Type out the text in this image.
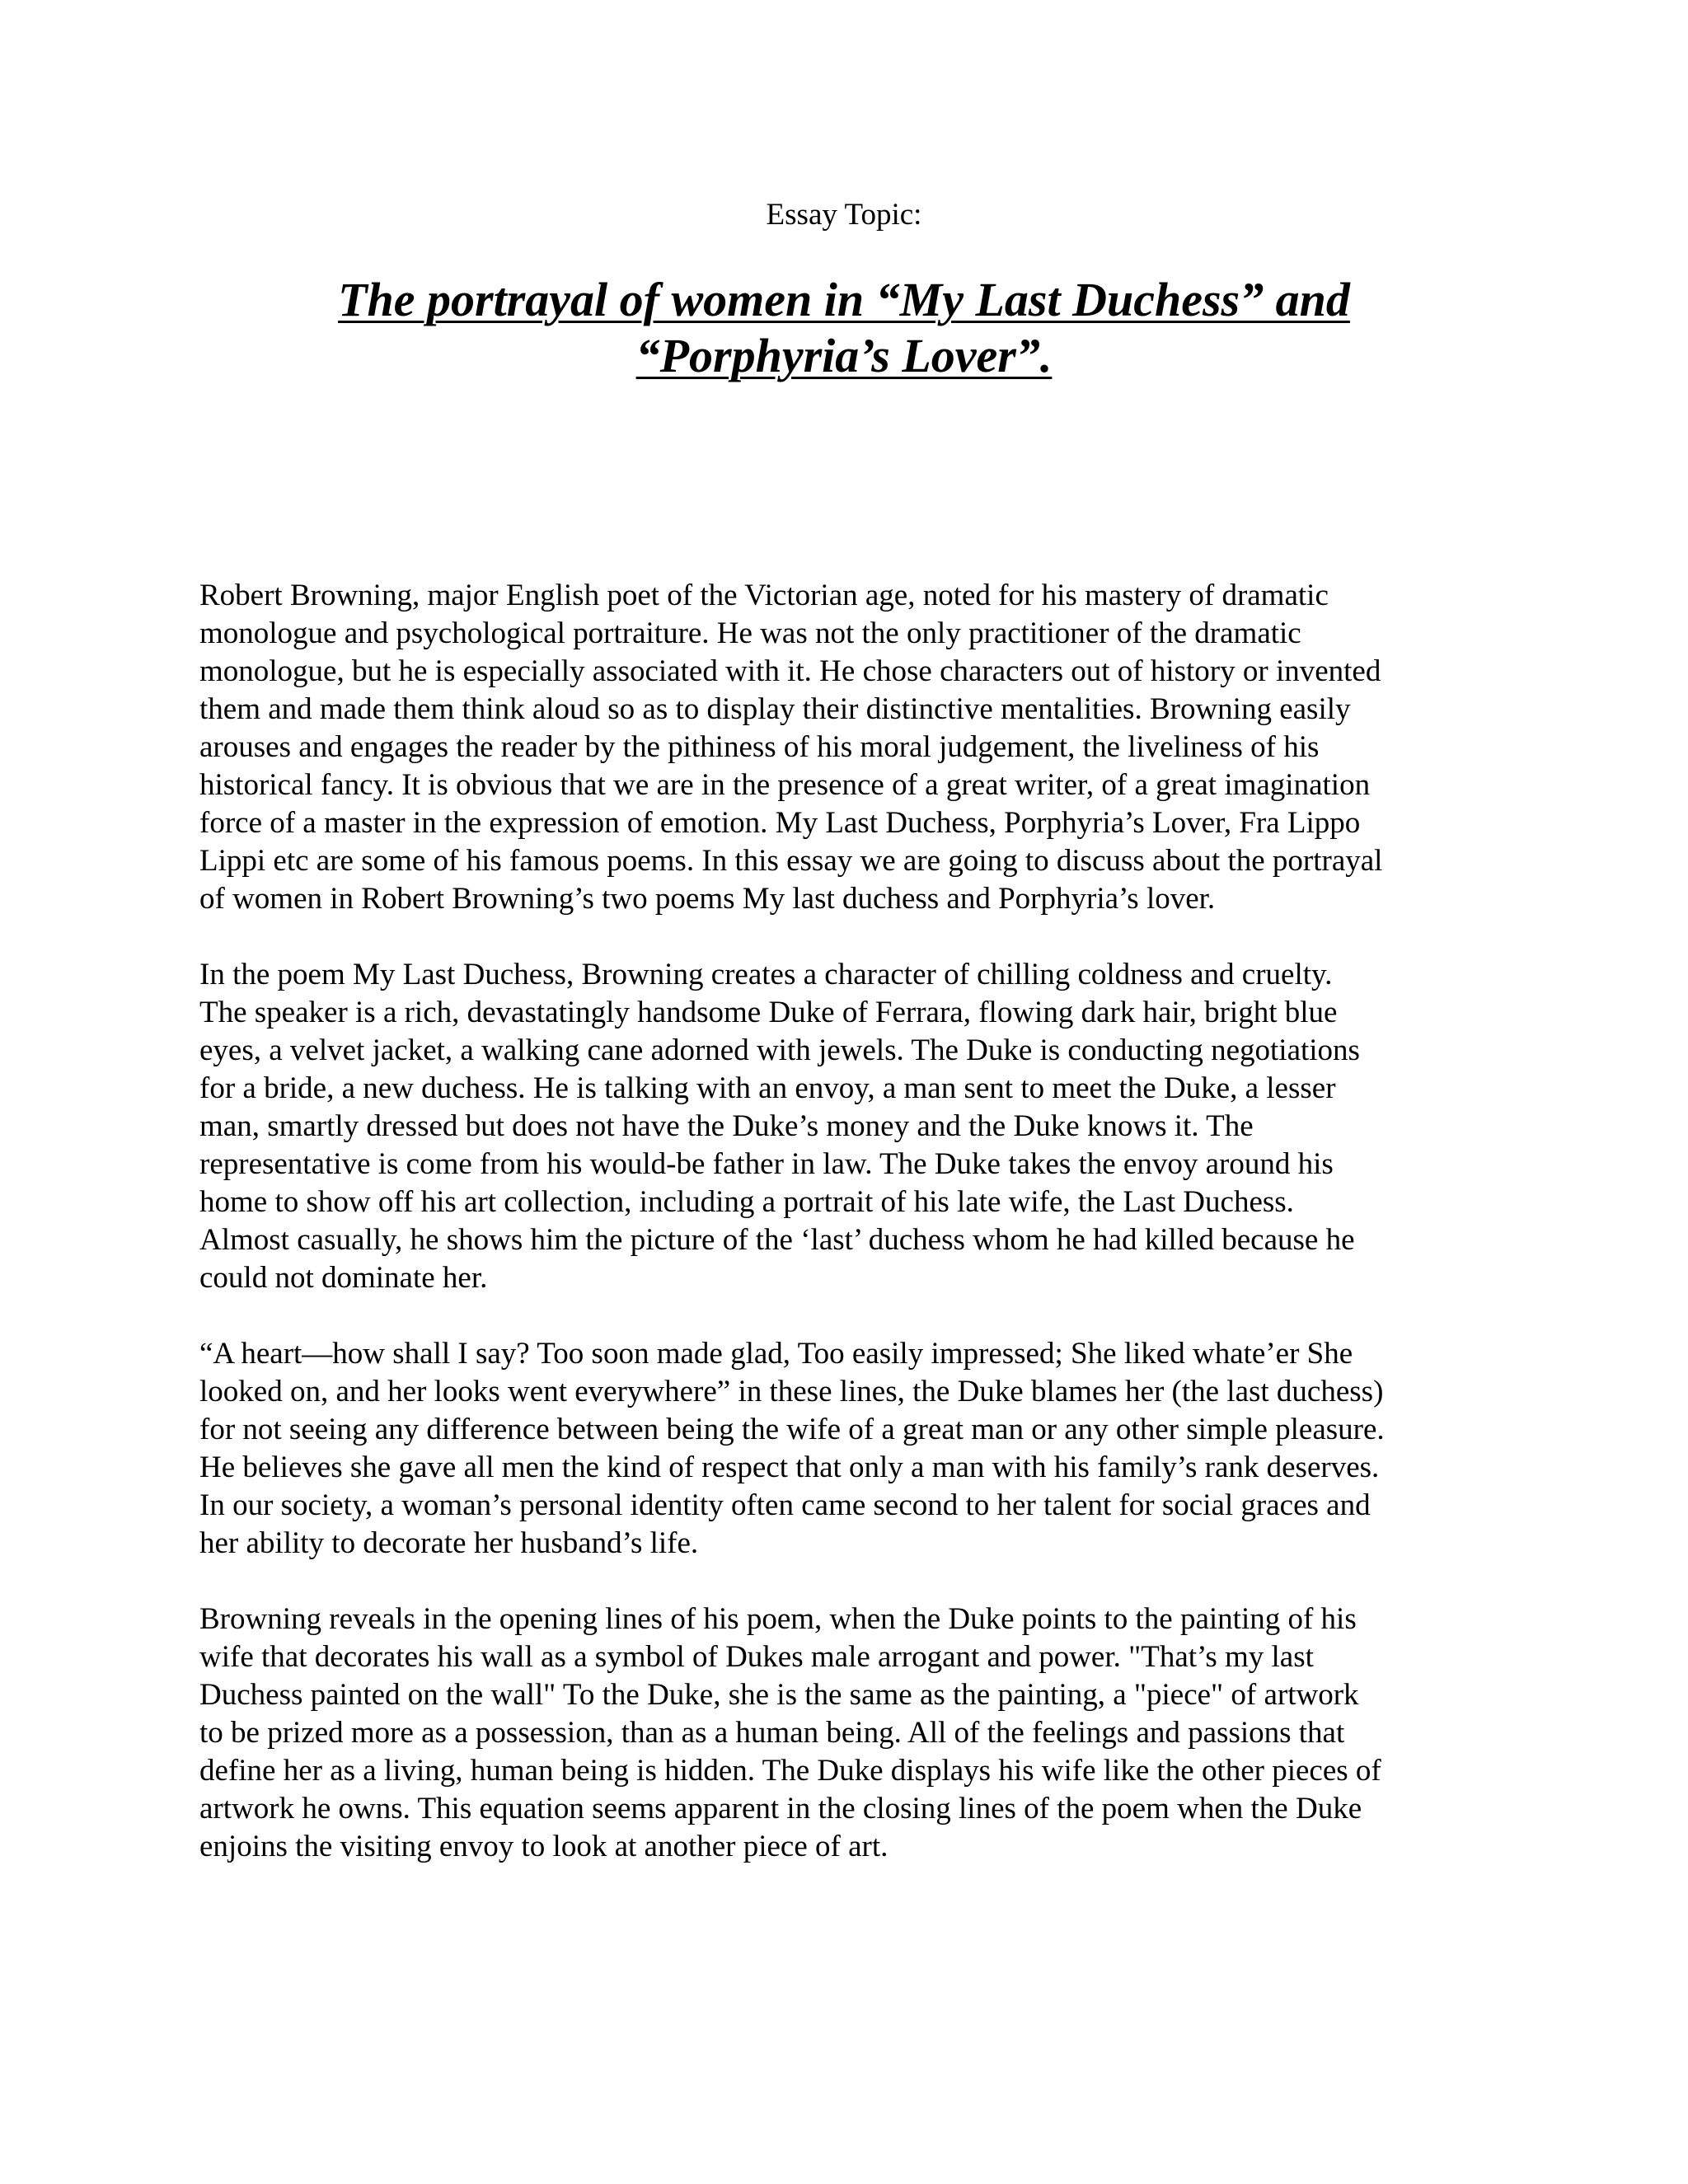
Essay Topic:

The portrayal of women in “My Last Duchess” and
“Porphyria’s Lover”.

Robert Browning, major English poet of the Victorian age, noted for his mastery of dramatic
monologue and psychological portraiture. He was not the only practitioner of the dramatic
monologue, but he is especially associated with it. He chose characters out of history or invented
them and made them think aloud so as to display their distinctive mentalities. Browning easily
arouses and engages the reader by the pithiness of his moral judgement, the liveliness of his
historical fancy. It is obvious that we are in the presence of a great writer, of a great imagination
force of a master in the expression of emotion. My Last Duchess, Porphyria’s Lover, Fra Lippo
Lippi etc are some of his famous poems. In this essay we are going to discuss about the portrayal
of women in Robert Browning’s two poems My last duchess and Porphyria’s lover.

In the poem My Last Duchess, Browning creates a character of chilling coldness and cruelty.
The speaker is a rich, devastatingly handsome Duke of Ferrara, flowing dark hair, bright blue
eyes, a velvet jacket, a walking cane adorned with jewels. The Duke is conducting negotiations
for a bride, a new duchess. He is talking with an envoy, a man sent to meet the Duke, a lesser
man, smartly dressed but does not have the Duke’s money and the Duke knows it. The
representative is come from his would-be father in law. The Duke takes the envoy around his
home to show off his art collection, including a portrait of his late wife, the Last Duchess.
Almost casually, he shows him the picture of the ‘last’ duchess whom he had killed because he
could not dominate her.

“A heart—how shall I say? Too soon made glad, Too easily impressed; She liked whate’er She
looked on, and her looks went everywhere” in these lines, the Duke blames her (the last duchess)
for not seeing any difference between being the wife of a great man or any other simple pleasure.
He believes she gave all men the kind of respect that only a man with his family’s rank deserves.
In our society, a woman’s personal identity often came second to her talent for social graces and
her ability to decorate her husband’s life.

Browning reveals in the opening lines of his poem, when the Duke points to the painting of his
wife that decorates his wall as a symbol of Dukes male arrogant and power. "That’s my last
Duchess painted on the wall" To the Duke, she is the same as the painting, a "piece" of artwork
to be prized more as a possession, than as a human being. All of the feelings and passions that
define her as a living, human being is hidden. The Duke displays his wife like the other pieces of
artwork he owns. This equation seems apparent in the closing lines of the poem when the Duke
enjoins the visiting envoy to look at another piece of art.
